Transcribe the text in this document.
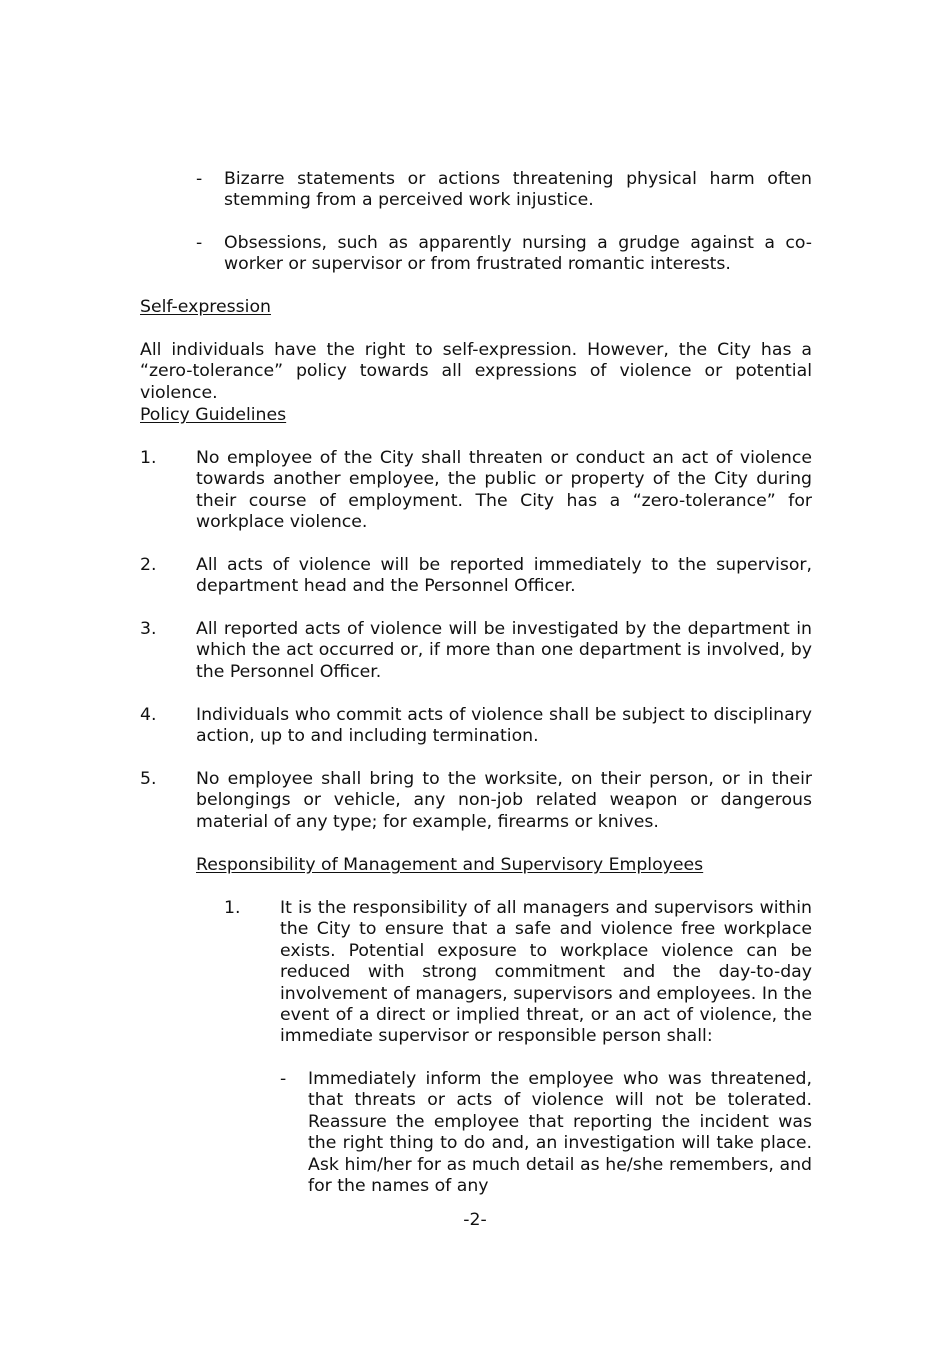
- Bizarre statements or actions threatening physical harm often stemming from a perceived work injustice.
- Obsessions, such as apparently nursing a grudge against a co-worker or supervisor or from frustrated romantic interests.
Self-expression
All individuals have the right to self-expression. However, the City has a “zero-tolerance” policy towards all expressions of violence or potential violence.
Policy Guidelines
1. No employee of the City shall threaten or conduct an act of violence towards another employee, the public or property of the City during their course of employment. The City has a “zero-tolerance” for workplace violence.
2. All acts of violence will be reported immediately to the supervisor, department head and the Personnel Officer.
3. All reported acts of violence will be investigated by the department in which the act occurred or, if more than one department is involved, by the Personnel Officer.
4. Individuals who commit acts of violence shall be subject to disciplinary action, up to and including termination.
5. No employee shall bring to the worksite, on their person, or in their belongings or vehicle, any non-job related weapon or dangerous material of any type; for example, firearms or knives.
Responsibility of Management and Supervisory Employees
1. It is the responsibility of all managers and supervisors within the City to ensure that a safe and violence free workplace exists. Potential exposure to workplace violence can be reduced with strong commitment and the day-to-day involvement of managers, supervisors and employees. In the event of a direct or implied threat, or an act of violence, the immediate supervisor or responsible person shall:
- Immediately inform the employee who was threatened, that threats or acts of violence will not be tolerated. Reassure the employee that reporting the incident was the right thing to do and, an investigation will take place. Ask him/her for as much detail as he/she remembers, and for the names of any
-2-
